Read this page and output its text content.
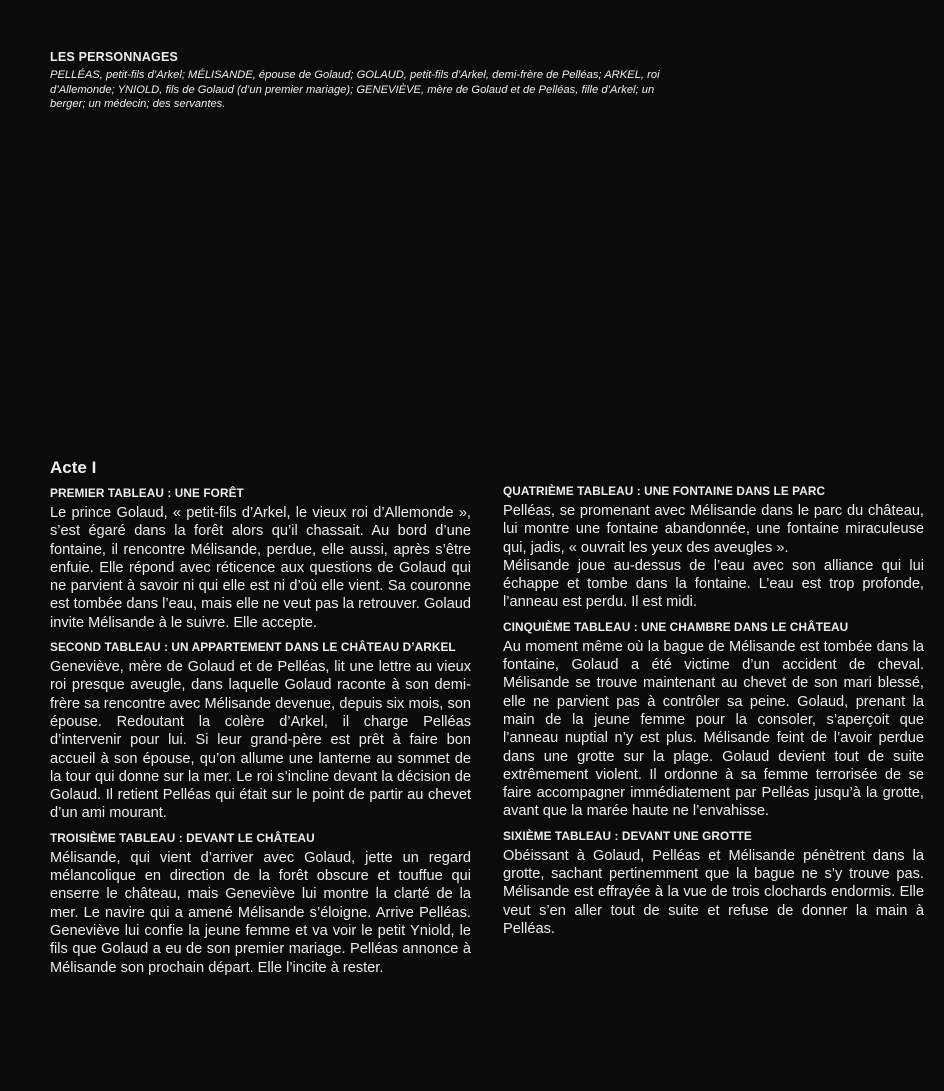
LES PERSONNAGES

PELLÉAS, petit-fils d’Arkel; MÉLISANDE, épouse de Golaud; GOLAUD, petit-fils d’Arkel, demi-frère de Pelléas; ARKEL, roi d’Allemonde; YNIOLD, fils de Golaud (d’un premier mariage); GENEVIÈVE, mère de Golaud et de Pelléas, fille d’Arkel; un berger; un médecin; des servantes.

Acte I

PREMIER TABLEAU : UNE FORÊT

Le prince Golaud, « petit-fils d’Arkel, le vieux roi d’Allemonde », s’est égaré dans la forêt alors qu’il chassait. Au bord d’une fontaine, il rencontre Mélisande, perdue, elle aussi, après s’être enfuie. Elle répond avec réticence aux questions de Golaud qui ne parvient à savoir ni qui elle est ni d’où elle vient. Sa couronne est tombée dans l’eau, mais elle ne veut pas la retrouver. Golaud invite Mélisande à le suivre. Elle accepte.

SECOND TABLEAU : UN APPARTEMENT DANS LE CHÂTEAU D’ARKEL

Geneviève, mère de Golaud et de Pelléas, lit une lettre au vieux roi presque aveugle, dans laquelle Golaud raconte à son demi-frère sa rencontre avec Mélisande devenue, depuis six mois, son épouse. Redoutant la colère d’Arkel, il charge Pelléas d’intervenir pour lui. Si leur grand-père est prêt à faire bon accueil à son épouse, qu’on allume une lanterne au sommet de la tour qui donne sur la mer. Le roi s’incline devant la décision de Golaud. Il retient Pelléas qui était sur le point de partir au chevet d’un ami mourant.

TROISIÈME TABLEAU : DEVANT LE CHÂTEAU

Mélisande, qui vient d’arriver avec Golaud, jette un regard mélancolique en direction de la forêt obscure et touffue qui enserre le château, mais Geneviève lui montre la clarté de la mer. Le navire qui a amené Mélisande s’éloigne. Arrive Pelléas. Geneviève lui confie la jeune femme et va voir le petit Yniold, le fils que Golaud a eu de son premier mariage. Pelléas annonce à Mélisande son prochain départ. Elle l’incite à rester.

QUATRIÈME TABLEAU : UNE FONTAINE DANS LE PARC

Pelléas, se promenant avec Mélisande dans le parc du château, lui montre une fontaine abandonnée, une fontaine miraculeuse qui, jadis, « ouvrait les yeux des aveugles ».

Mélisande joue au-dessus de l’eau avec son alliance qui lui échappe et tombe dans la fontaine. L’eau est trop profonde, l’anneau est perdu. Il est midi.

CINQUIÈME TABLEAU : UNE CHAMBRE DANS LE CHÂTEAU

Au moment même où la bague de Mélisande est tombée dans la fontaine, Golaud a été victime d’un accident de cheval. Mélisande se trouve maintenant au chevet de son mari blessé, elle ne parvient pas à contrôler sa peine. Golaud, prenant la main de la jeune femme pour la consoler, s’aperçoit que l’anneau nuptial n’y est plus. Mélisande feint de l’avoir perdue dans une grotte sur la plage. Golaud devient tout de suite extrêmement violent. Il ordonne à sa femme terrorisée de se faire accompagner immédiatement par Pelléas jusqu’à la grotte, avant que la marée haute ne l’envahisse.

SIXIÈME TABLEAU : DEVANT UNE GROTTE

Obéissant à Golaud, Pelléas et Mélisande pénètrent dans la grotte, sachant pertinemment que la bague ne s’y trouve pas. Mélisande est effrayée à la vue de trois clochards endormis. Elle veut s’en aller tout de suite et refuse de donner la main à Pelléas.
